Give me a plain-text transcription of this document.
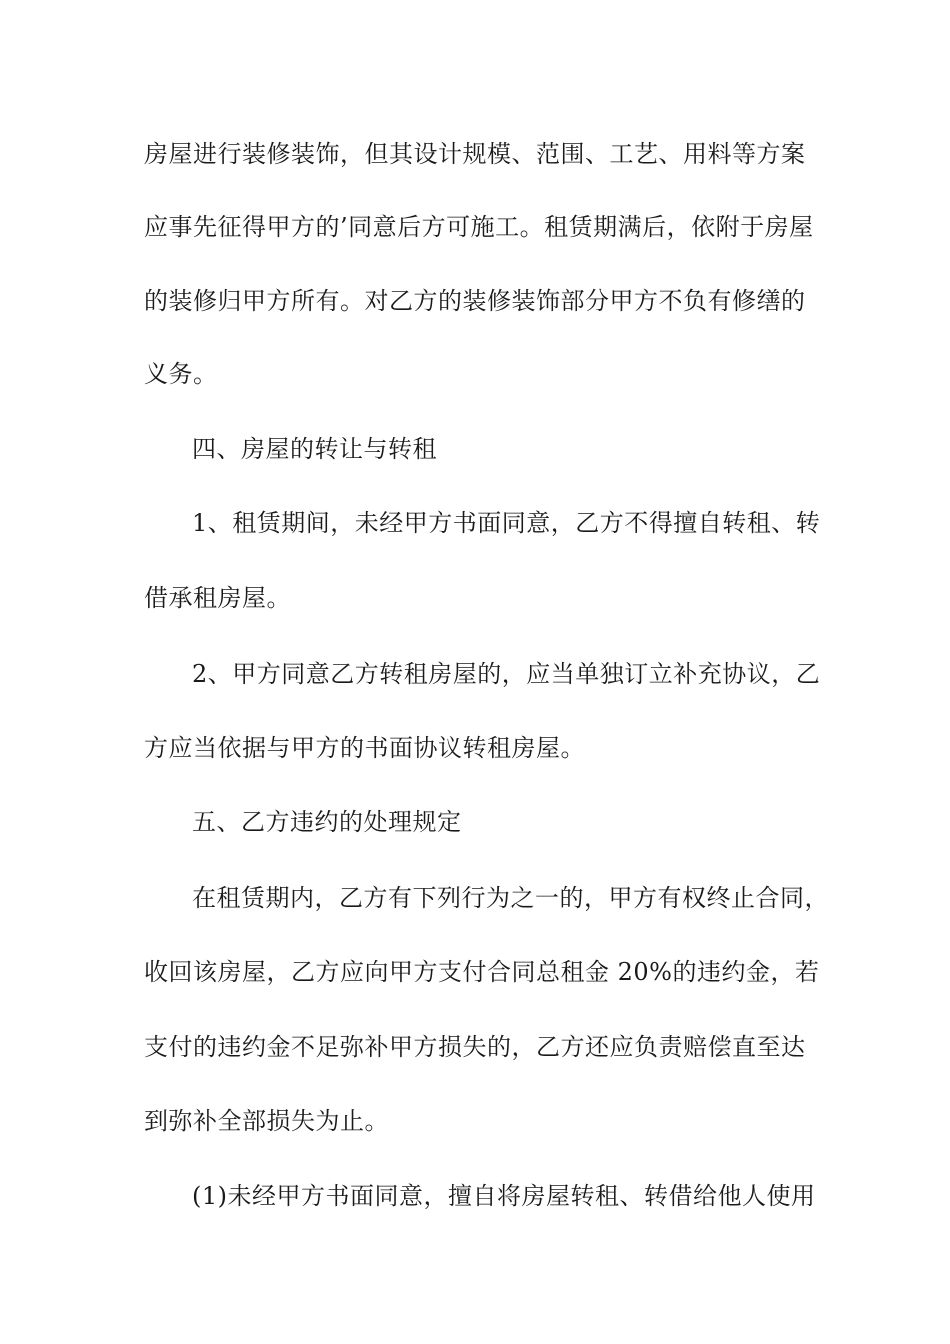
房屋进行装修装饰，但其设计规模、范围、工艺、用料等方案
应事先征得甲方的’同意后方可施工。租赁期满后，依附于房屋
的装修归甲方所有。对乙方的装修装饰部分甲方不负有修缮的
义务。
四、房屋的转让与转租
1、租赁期间，未经甲方书面同意，乙方不得擅自转租、转
借承租房屋。
2、甲方同意乙方转租房屋的，应当单独订立补充协议，乙
方应当依据与甲方的书面协议转租房屋。
五、乙方违约的处理规定
在租赁期内，乙方有下列行为之一的，甲方有权终止合同，
收回该房屋，乙方应向甲方支付合同总租金 20%的违约金，若
支付的违约金不足弥补甲方损失的，乙方还应负责赔偿直至达
到弥补全部损失为止。
(1)未经甲方书面同意，擅自将房屋转租、转借给他人使用
